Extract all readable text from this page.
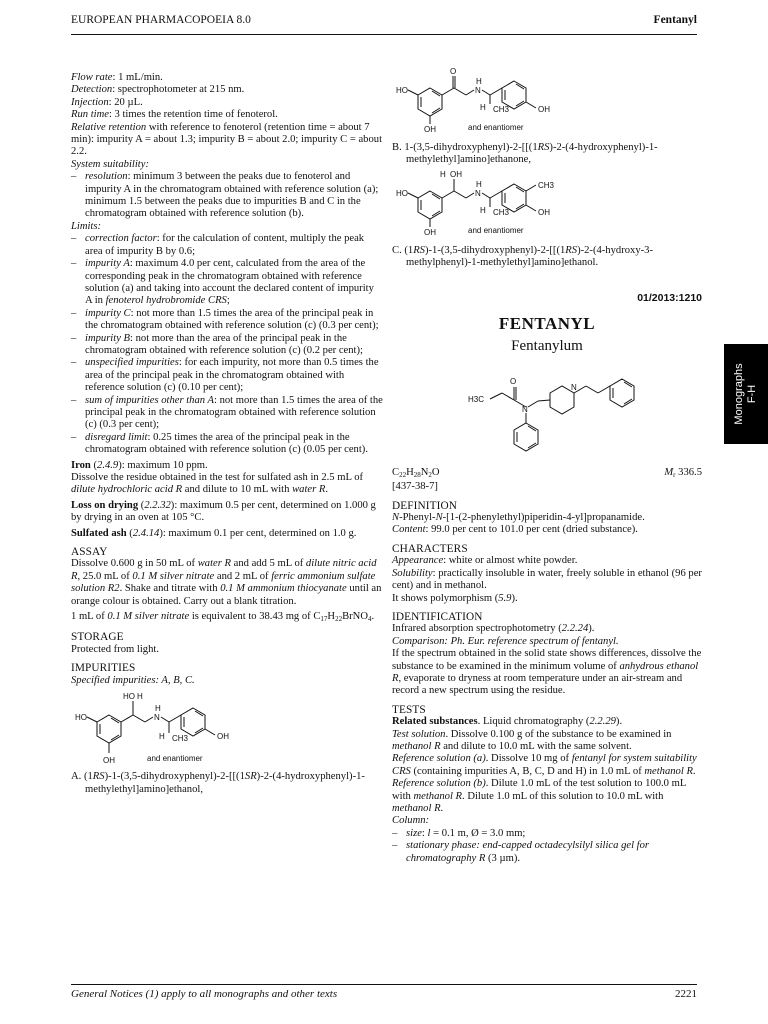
EUROPEAN PHARMACOPOEIA 8.0	Fentanyl
Monographs
F-H

Flow rate: 1 mL/min.

Detection: spectrophotometer at 215 nm.

Injection: 20 µL.

Run time: 3 times the retention time of fenoterol.

Relative retention with reference to fenoterol (retention time = about 7 min): impurity A = about 1.3; impurity B = about 2.0; impurity C = about 2.2.

System suitability:

– resolution: minimum 3 between the peaks due to fenoterol and impurity A in the chromatogram obtained with reference solution (a); minimum 1.5 between the peaks due to impurities B and C in the chromatogram obtained with reference solution (b).

Limits:

– correction factor: for the calculation of content, multiply the peak area of impurity B by 0.6;

– impurity A: maximum 4.0 per cent, calculated from the area of the corresponding peak in the chromatogram obtained with reference solution (a) and taking into account the declared content of impurity A in fenoterol hydrobromide CRS;

– impurity C: not more than 1.5 times the area of the principal peak in the chromatogram obtained with reference solution (c) (0.3 per cent);

– impurity B: not more than the area of the principal peak in the chromatogram obtained with reference solution (c) (0.2 per cent);

– unspecified impurities: for each impurity, not more than 0.5 times the area of the principal peak in the chromatogram obtained with reference solution (c) (0.10 per cent);

– sum of impurities other than A: not more than 1.5 times the area of the principal peak in the chromatogram obtained with reference solution (c) (0.3 per cent);

– disregard limit: 0.25 times the area of the principal peak in the chromatogram obtained with reference solution (c) (0.05 per cent).

Iron (2.4.9): maximum 10 ppm.

Dissolve the residue obtained in the test for sulfated ash in 2.5 mL of dilute hydrochloric acid R and dilute to 10 mL with water R.

Loss on drying (2.2.32): maximum 0.5 per cent, determined on 1.000 g by drying in an oven at 105 °C.

Sulfated ash (2.4.14): maximum 0.1 per cent, determined on 1.0 g.

ASSAY

Dissolve 0.600 g in 50 mL of water R and add 5 mL of dilute nitric acid R, 25.0 mL of 0.1 M silver nitrate and 2 mL of ferric ammonium sulfate solution R2. Shake and titrate with 0.1 M ammonium thiocyanate until an orange colour is obtained. Carry out a blank titration.

1 mL of 0.1 M silver nitrate is equivalent to 38.43 mg of $C_{17}H_{22}BrNO_4$.

STORAGE

Protected from light.

IMPURITIES

Specified impurities: A, B, C.

HO H
HO	N
H
H CH3	OH
OH	and enantiomer

A. (1RS)-1-(3,5-dihydroxyphenyl)-2-[[(1SR)-2-(4-hydroxyphenyl)-1-methylethyl]amino]ethanol,

O
HO	N
H
H CH3	OH
OH	and enantiomer

B. 1-(3,5-dihydroxyphenyl)-2-[[(1RS)-2-(4-hydroxyphenyl)-1-methylethyl]amino]ethanone,

H OH
HO	N
H
H CH3
CH3
OH
OH	and enantiomer

C. (1RS)-1-(3,5-dihydroxyphenyl)-2-[[(1RS)-2-(4-hydroxy-3-methylphenyl)-1-methylethyl]amino]ethanol.

01/2013:1210

FENTANYL

Fentanylum

H3C
O
N
N
$C_{22}H_{28}N_2O$	$M_r$ 336.5

[437-38-7]

DEFINITION

N-Phenyl-N-[1-(2-phenylethyl)piperidin-4-yl]propanamide.

Content: 99.0 per cent to 101.0 per cent (dried substance).

CHARACTERS

Appearance: white or almost white powder.

Solubility: practically insoluble in water, freely soluble in ethanol (96 per cent) and in methanol.

It shows polymorphism (5.9).

IDENTIFICATION

Infrared absorption spectrophotometry (2.2.24).

Comparison: Ph. Eur. reference spectrum of fentanyl.

If the spectrum obtained in the solid state shows differences, dissolve the substance to be examined in the minimum volume of anhydrous ethanol R, evaporate to dryness at room temperature under an air-stream and record a new spectrum using the residue.

TESTS

Related substances. Liquid chromatography (2.2.29).

Test solution. Dissolve 0.100 g of the substance to be examined in methanol R and dilute to 10.0 mL with the same solvent.

Reference solution (a). Dissolve 10 mg of fentanyl for system suitability CRS (containing impurities A, B, C, D and H) in 1.0 mL of methanol R.

Reference solution (b). Dilute 1.0 mL of the test solution to 100.0 mL with methanol R. Dilute 1.0 mL of this solution to 10.0 mL with methanol R.

Column:

– size: l = 0.1 m, Ø = 3.0 mm;

– stationary phase: end-capped octadecylsilyl silica gel for chromatography R (3 µm).

General Notices (1) apply to all monographs and other texts	2221
